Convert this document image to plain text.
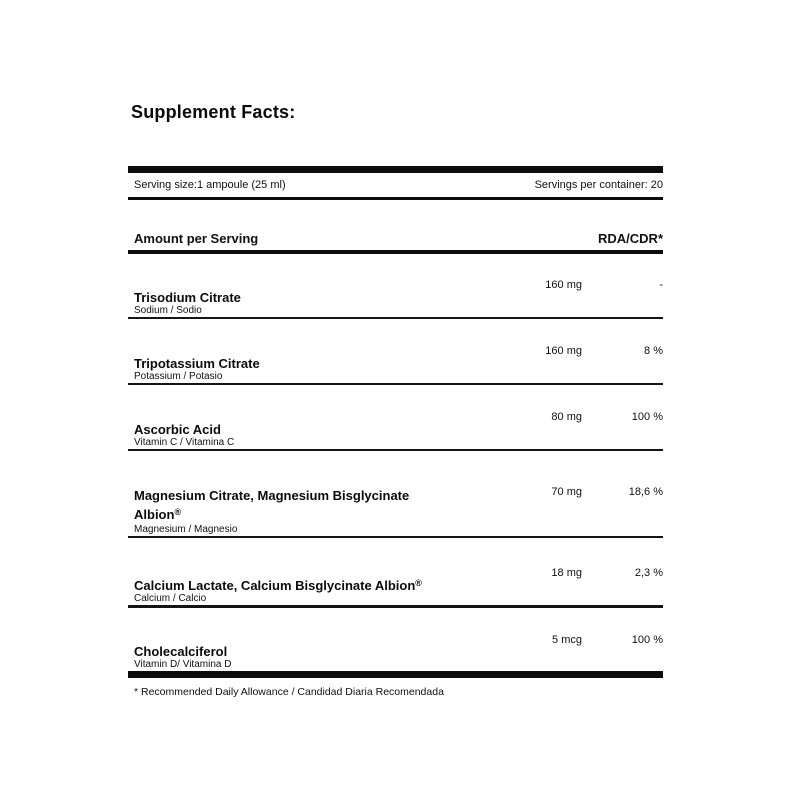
Supplement Facts:
Serving size:1 ampoule (25 ml)	Servings per container: 20
Amount per Serving	RDA/CDR*
Trisodium Citrate
Sodium / Sodio
160 mg	-
Tripotassium Citrate
Potassium / Potasio
160 mg	8 %
Ascorbic Acid
Vitamin C / Vitamina C
80 mg	100 %
Magnesium Citrate, Magnesium Bisglycinate
Albion®
Magnesium / Magnesio
70 mg	18,6 %
Calcium Lactate, Calcium Bisglycinate Albion®
Calcium / Calcio
18 mg	2,3 %
Cholecalciferol
Vitamin D/ Vitamina D
5 mcg	100 %
* Recommended Daily Allowance / Candidad Diaria Recomendada
